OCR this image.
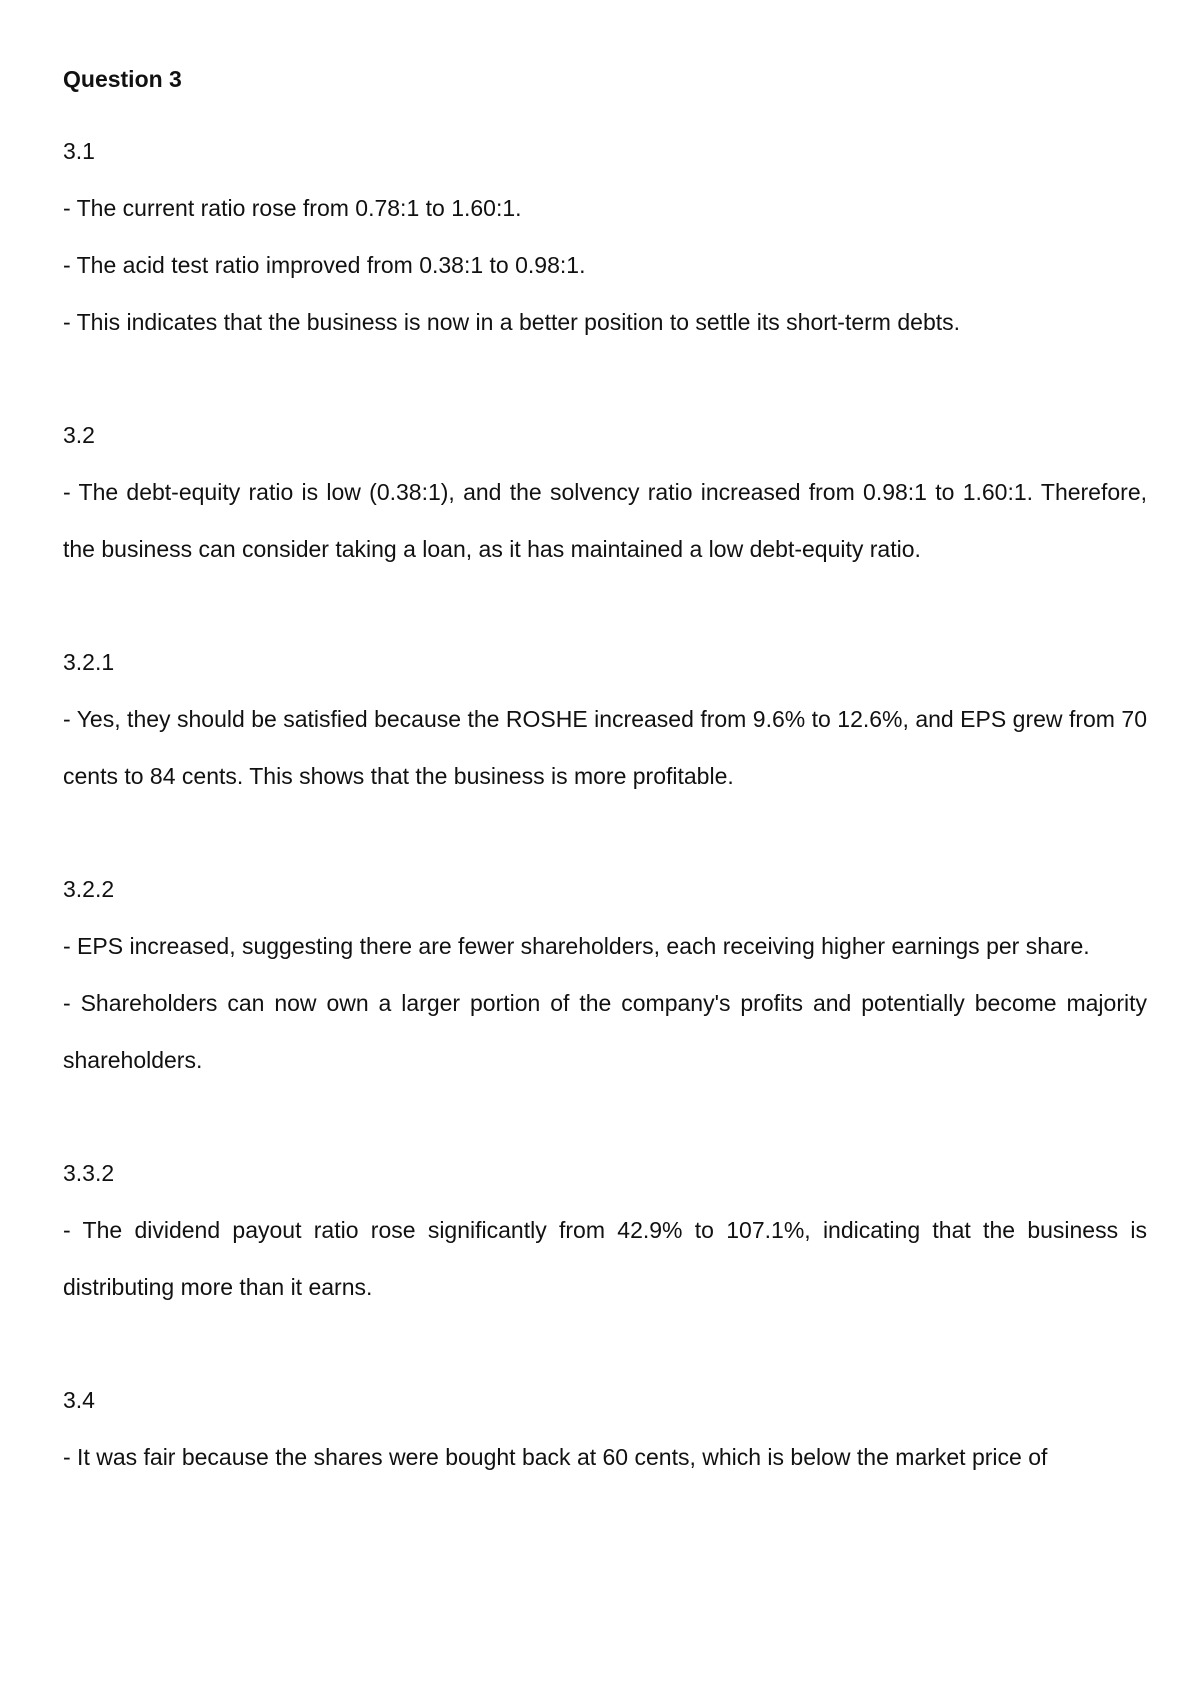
Question 3
3.1

- The current ratio rose from 0.78:1 to 1.60:1.

- The acid test ratio improved from 0.38:1 to 0.98:1.

- This indicates that the business is now in a better position to settle its short-term debts.

3.2

- The debt-equity ratio is low (0.38:1), and the solvency ratio increased from 0.98:1 to 1.60:1. Therefore, the business can consider taking a loan, as it has maintained a low debt-equity ratio.

3.2.1

- Yes, they should be satisfied because the ROSHE increased from 9.6% to 12.6%, and EPS grew from 70 cents to 84 cents. This shows that the business is more profitable.

3.2.2

- EPS increased, suggesting there are fewer shareholders, each receiving higher earnings per share.

- Shareholders can now own a larger portion of the company's profits and potentially become majority shareholders.

3.3.2

- The dividend payout ratio rose significantly from 42.9% to 107.1%, indicating that the business is distributing more than it earns.

3.4

- It was fair because the shares were bought back at 60 cents, which is below the market price of
